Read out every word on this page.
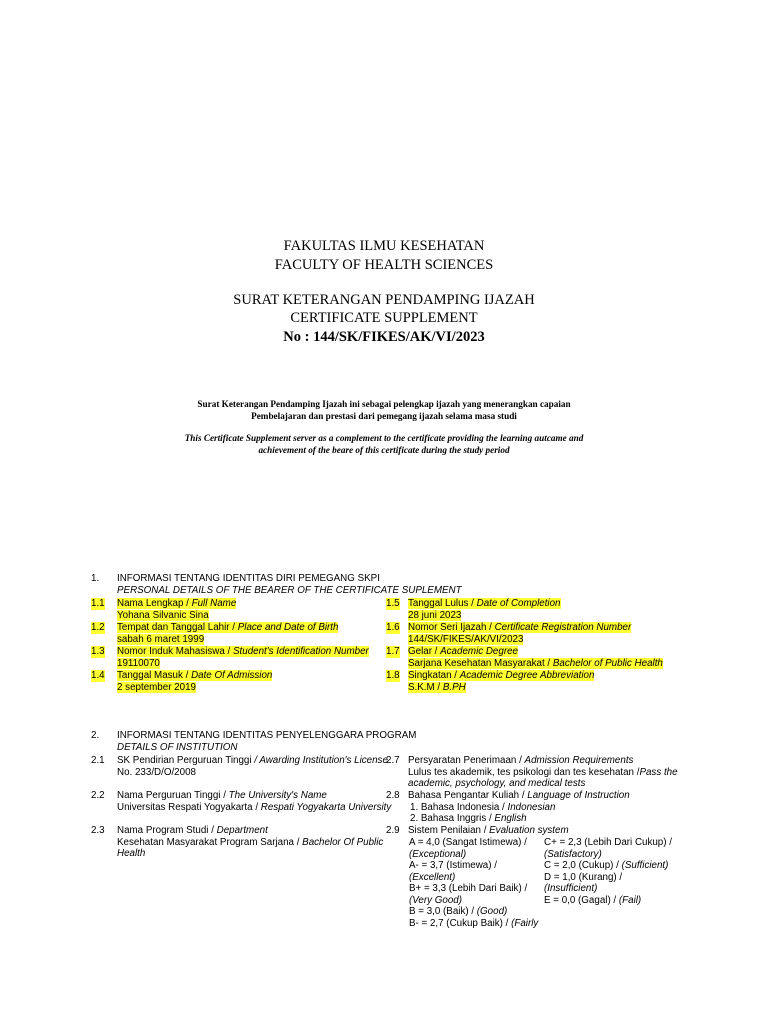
FAKULTAS ILMU KESEHATAN
FACULTY OF HEALTH SCIENCES
SURAT KETERANGAN PENDAMPING IJAZAH
CERTIFICATE SUPPLEMENT
No : 144/SK/FIKES/AK/VI/2023
Surat Keterangan Pendamping Ijazah ini sebagai pelengkap ijazah yang menerangkan capaian
Pembelajaran dan prestasi dari pemegang ijazah selama masa studi
This Certificate Supplement server as a complement to the certificate providing the learning autcame and
achievement of the beare of this certificate during the study period
1. INFORMASI TENTANG IDENTITAS DIRI PEMEGANG SKPI
PERSONAL DETAILS OF THE BEARER OF THE CERTIFICATE SUPLEMENT
1.1 Nama Lengkap / Full Name
Yohana Silvanic Sina
1.2 Tempat dan Tanggal Lahir / Place and Date of Birth
sabah 6 maret 1999
1.3 Nomor Induk Mahasiswa / Student's Identification Number
19110070
1.4 Tanggal Masuk / Date Of Admission
2 september 2019
1.5 Tanggal Lulus / Date of Completion
28 juni 2023
1.6 Nomor Seri Ijazah / Certificate Registration Number
144/SK/FIKES/AK/VI/2023
1.7 Gelar / Academic Degree
Sarjana Kesehatan Masyarakat / Bachelor of Public Health
1.8 Singkatan / Academic Degree Abbreviation
S.K.M / B.PH
2. INFORMASI TENTANG IDENTITAS PENYELENGGARA PROGRAM
DETAILS OF INSTITUTION
2.1 SK Pendirian Perguruan Tinggi / Awarding Institution's License
No. 233/D/O/2008
2.2 Nama Perguruan Tinggi / The University's Name
Universitas Respati Yogyakarta / Respati Yogyakarta University
2.3 Nama Program Studi / Department
Kesehatan Masyarakat Program Sarjana / Bachelor Of Public
Health
2.7 Persyaratan Penerimaan / Admission Requirements
Lulus tes akademik, tes psikologi dan tes kesehatan /Pass the
academic, psychology, and medical tests
2.8 Bahasa Pengantar Kuliah / Language of Instruction
1. Bahasa Indonesia / Indonesian
2. Bahasa Inggris / English
2.9 Sistem Penilaian / Evaluation system
A = 4,0 (Sangat Istimewa) /
(Exceptional)
A- = 3,7 (Istimewa) /
(Excellent)
B+ = 3,3 (Lebih Dari Baik) /
(Very Good)
B = 3,0 (Baik) / (Good)
B- = 2,7 (Cukup Baik) / (Fairly
C+ = 2,3 (Lebih Dari Cukup) /
(Satisfactory)
C = 2,0 (Cukup) / (Sufficient)
D = 1,0 (Kurang) /
(Insufficient)
E = 0,0 (Gagal) / (Fail)
